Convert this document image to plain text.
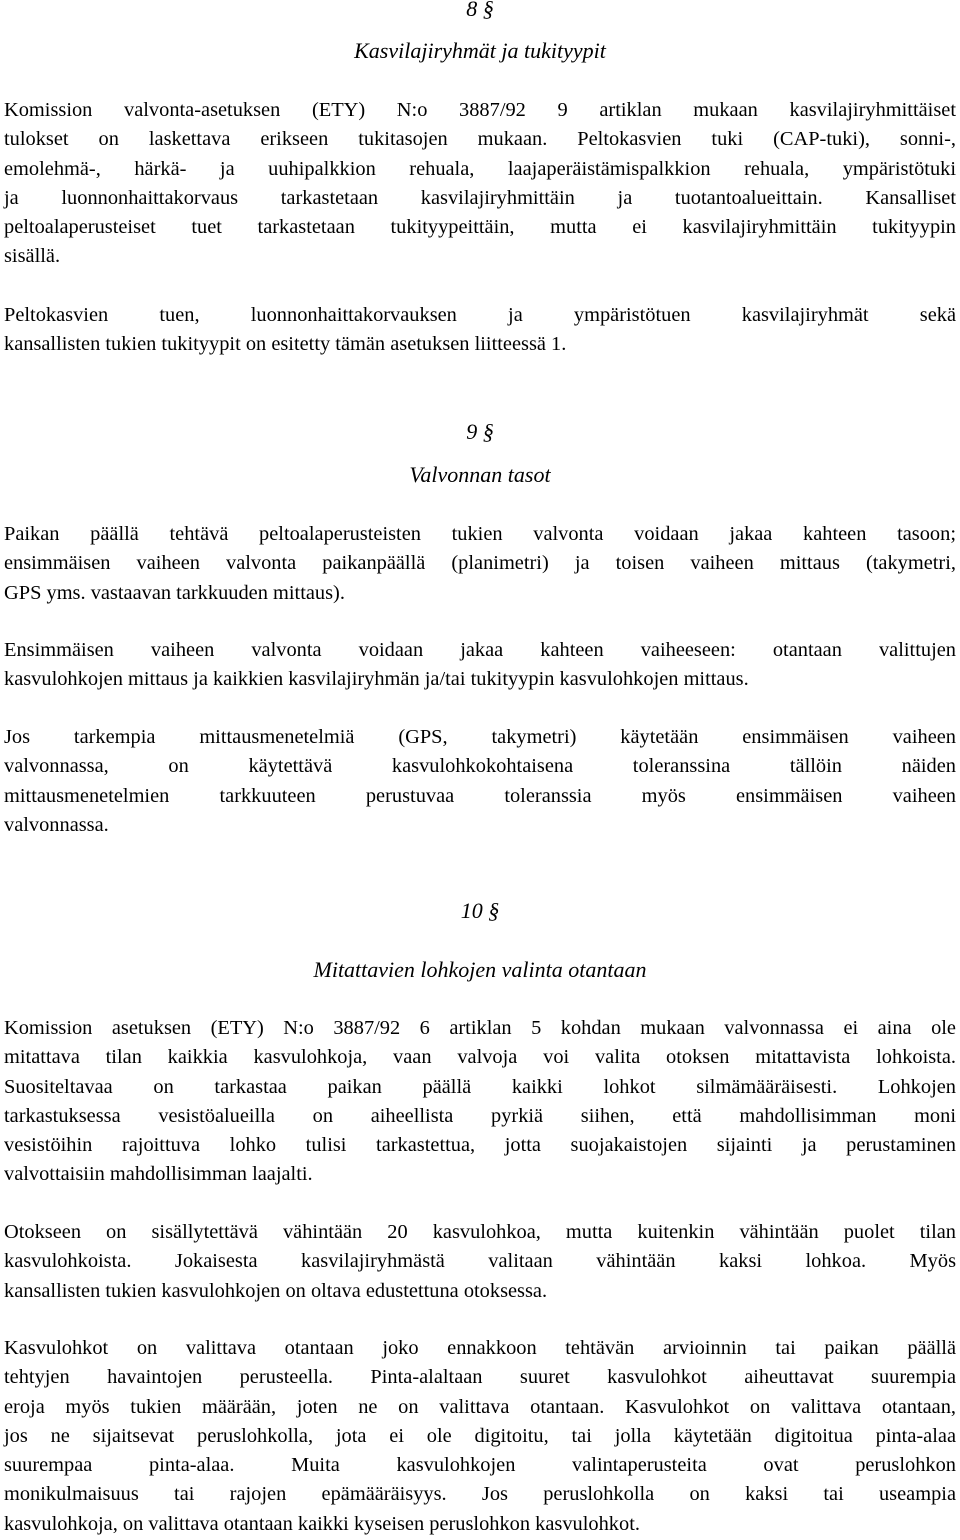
8 §

Kasvilajiryhmät ja tukityypit

Komission valvonta-asetuksen (ETY) N:o 3887/92 9 artiklan mukaan kasvilajiryhmittäiset
tulokset on laskettava erikseen tukitasojen mukaan. Peltokasvien tuki (CAP-tuki), sonni-,
emolehmä-, härkä- ja uuhipalkkion rehuala, laajaperäistämispalkkion rehuala, ympäristötuki
ja luonnonhaittakorvaus tarkastetaan kasvilajiryhmittäin ja tuotantoalueittain. Kansalliset
peltoalaperusteiset tuet tarkastetaan tukityypeittäin, mutta ei kasvilajiryhmittäin tukityypin
sisällä.
Peltokasvien tuen, luonnonhaittakorvauksen ja ympäristötuen kasvilajiryhmät sekä
kansallisten tukien tukityypit on esitetty tämän asetuksen liitteessä 1.

9 §

Valvonnan tasot

Paikan päällä tehtävä peltoalaperusteisten tukien valvonta voidaan jakaa kahteen tasoon;
ensimmäisen vaiheen valvonta paikanpäällä (planimetri) ja toisen vaiheen mittaus (takymetri,
GPS yms. vastaavan tarkkuuden mittaus).
Ensimmäisen vaiheen valvonta voidaan jakaa kahteen vaiheeseen: otantaan valittujen
kasvulohkojen mittaus ja kaikkien kasvilajiryhmän ja/tai tukityypin kasvulohkojen mittaus.
Jos tarkempia mittausmenetelmiä (GPS, takymetri) käytetään ensimmäisen vaiheen
valvonnassa, on käytettävä kasvulohkokohtaisena toleranssina tällöin näiden
mittausmenetelmien tarkkuuteen perustuvaa toleranssia myös ensimmäisen vaiheen
valvonnassa.

10 §

Mitattavien lohkojen valinta otantaan

Komission asetuksen (ETY) N:o 3887/92 6 artiklan 5 kohdan mukaan valvonnassa ei aina ole
mitattava tilan kaikkia kasvulohkoja, vaan valvoja voi valita otoksen mitattavista lohkoista.
Suositeltavaa on tarkastaa paikan päällä kaikki lohkot silmämääräisesti. Lohkojen
tarkastuksessa vesistöalueilla on aiheellista pyrkiä siihen, että mahdollisimman moni
vesistöihin rajoittuva lohko tulisi tarkastettua, jotta suojakaistojen sijainti ja perustaminen
valvottaisiin mahdollisimman laajalti.
Otokseen on sisällytettävä vähintään 20 kasvulohkoa, mutta kuitenkin vähintään puolet tilan
kasvulohkoista. Jokaisesta kasvilajiryhmästä valitaan vähintään kaksi lohkoa. Myös
kansallisten tukien kasvulohkojen on oltava edustettuna otoksessa.
Kasvulohkot on valittava otantaan joko ennakkoon tehtävän arvioinnin tai paikan päällä
tehtyjen havaintojen perusteella. Pinta-alaltaan suuret kasvulohkot aiheuttavat suurempia
eroja myös tukien määrään, joten ne on valittava otantaan. Kasvulohkot on valittava otantaan,
jos ne sijaitsevat peruslohkolla, jota ei ole digitoitu, tai jolla käytetään digitoitua pinta-alaa
suurempaa pinta-alaa. Muita kasvulohkojen valintaperusteita ovat peruslohkon
monikulmaisuus tai rajojen epämääräisyys. Jos peruslohkolla on kaksi tai useampia
kasvulohkoja, on valittava otantaan kaikki kyseisen peruslohkon kasvulohkot.
